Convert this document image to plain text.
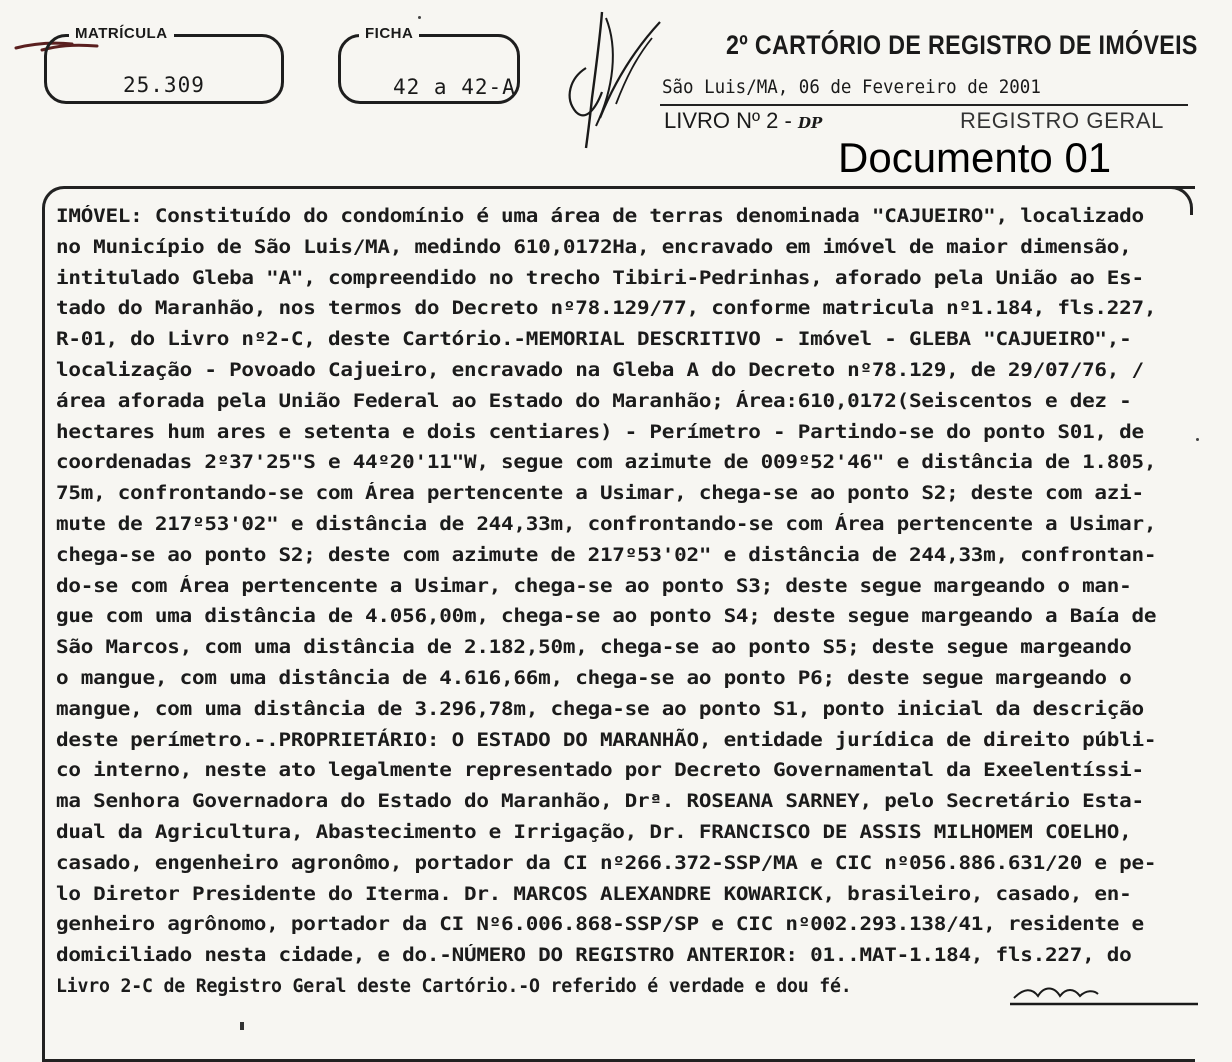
MATRÍCULA
25.309
FICHA
42 a 42-A
2º CARTÓRIO DE REGISTRO DE IMÓVEIS
São Luis/MA, 06 de Fevereiro de 2001
LIVRO Nº 2 - DP	REGISTRO GERAL
Documento 01
IMÓVEL: Constituído do condomínio é uma área de terras denominada "CAJUEIRO", localizado
no Município de São Luis/MA, medindo 610,0172Ha, encravado em imóvel de maior dimensão,
intitulado Gleba "A", compreendido no trecho Tibiri-Pedrinhas, aforado pela União ao Es-
tado do Maranhão, nos termos do Decreto nº78.129/77, conforme matricula nº1.184, fls.227,
R-01, do Livro nº2-C, deste Cartório.-MEMORIAL DESCRITIVO - Imóvel - GLEBA "CAJUEIRO",-
localização - Povoado Cajueiro, encravado na Gleba A do Decreto nº78.129, de 29/07/76, /
área aforada pela União Federal ao Estado do Maranhão; Área:610,0172(Seiscentos e dez -
hectares hum ares e setenta e dois centiares) - Perímetro - Partindo-se do ponto S01, de
coordenadas 2º37'25"S e 44º20'11"W, segue com azimute de 009º52'46" e distância de 1.805,
75m, confrontando-se com Área pertencente a Usimar, chega-se ao ponto S2; deste com azi-
mute de 217º53'02" e distância de 244,33m, confrontando-se com Área pertencente a Usimar,
chega-se ao ponto S2; deste com azimute de 217º53'02" e distância de 244,33m, confrontan-
do-se com Área pertencente a Usimar, chega-se ao ponto S3; deste segue margeando o man-
gue com uma distância de 4.056,00m, chega-se ao ponto S4; deste segue margeando a Baía de
São Marcos, com uma distância de 2.182,50m, chega-se ao ponto S5; deste segue margeando
o mangue, com uma distância de 4.616,66m, chega-se ao ponto P6; deste segue margeando o
mangue, com uma distância de 3.296,78m, chega-se ao ponto S1, ponto inicial da descrição
deste perímetro.-.PROPRIETÁRIO: O ESTADO DO MARANHÃO, entidade jurídica de direito públi-
co interno, neste ato legalmente representado por Decreto Governamental da Exeelentíssi-
ma Senhora Governadora do Estado do Maranhão, Drª. ROSEANA SARNEY, pelo Secretário Esta-
dual da Agricultura, Abastecimento e Irrigação, Dr. FRANCISCO DE ASSIS MILHOMEM COELHO,
casado, engenheiro agronômo, portador da CI nº266.372-SSP/MA e CIC nº056.886.631/20 e pe-
lo Diretor Presidente do Iterma. Dr. MARCOS ALEXANDRE KOWARICK, brasileiro, casado, en-
genheiro agrônomo, portador da CI Nº6.006.868-SSP/SP e CIC nº002.293.138/41, residente e
domiciliado nesta cidade, e do.-NÚMERO DO REGISTRO ANTERIOR: 01..MAT-1.184, fls.227, do
Livro 2-C de Registro Geral deste Cartório.-O referido é verdade e dou fé.
